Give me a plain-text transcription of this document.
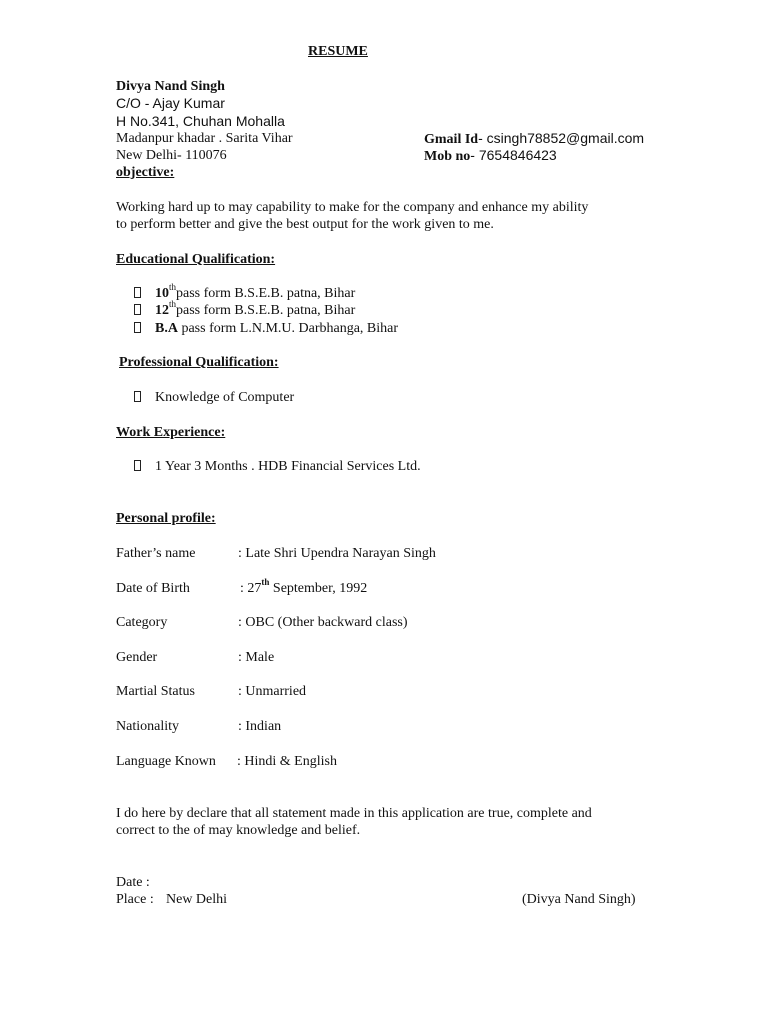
RESUME
Divya Nand Singh
C/O - Ajay Kumar
H No.341, Chuhan Mohalla
Madanpur khadar . Sarita Vihar
New Delhi- 110076
Gmail Id- csingh78852@gmail.com
Mob no- 7654846423
objective:
Working hard up to may capability to make for the company and enhance my ability
to perform better and give the best output for the work given to me.
Educational Qualification:
10thpass form B.S.E.B. patna, Bihar
12thpass form B.S.E.B. patna, Bihar
B.A pass form L.N.M.U. Darbhanga, Bihar
Professional Qualification:
Knowledge of Computer
Work Experience:
1 Year 3 Months . HDB Financial Services Ltd.
Personal profile:
Father’s name	: Late Shri Upendra Narayan Singh
Date of Birth	: 27th September, 1992
Category	: OBC (Other backward class)
Gender	: Male
Martial Status	: Unmarried
Nationality	: Indian
Language Known : Hindi & English
I do here by declare that all statement made in this application are true, complete and
correct to the of may knowledge and belief.
Date :
Place : New Delhi	(Divya Nand Singh)
